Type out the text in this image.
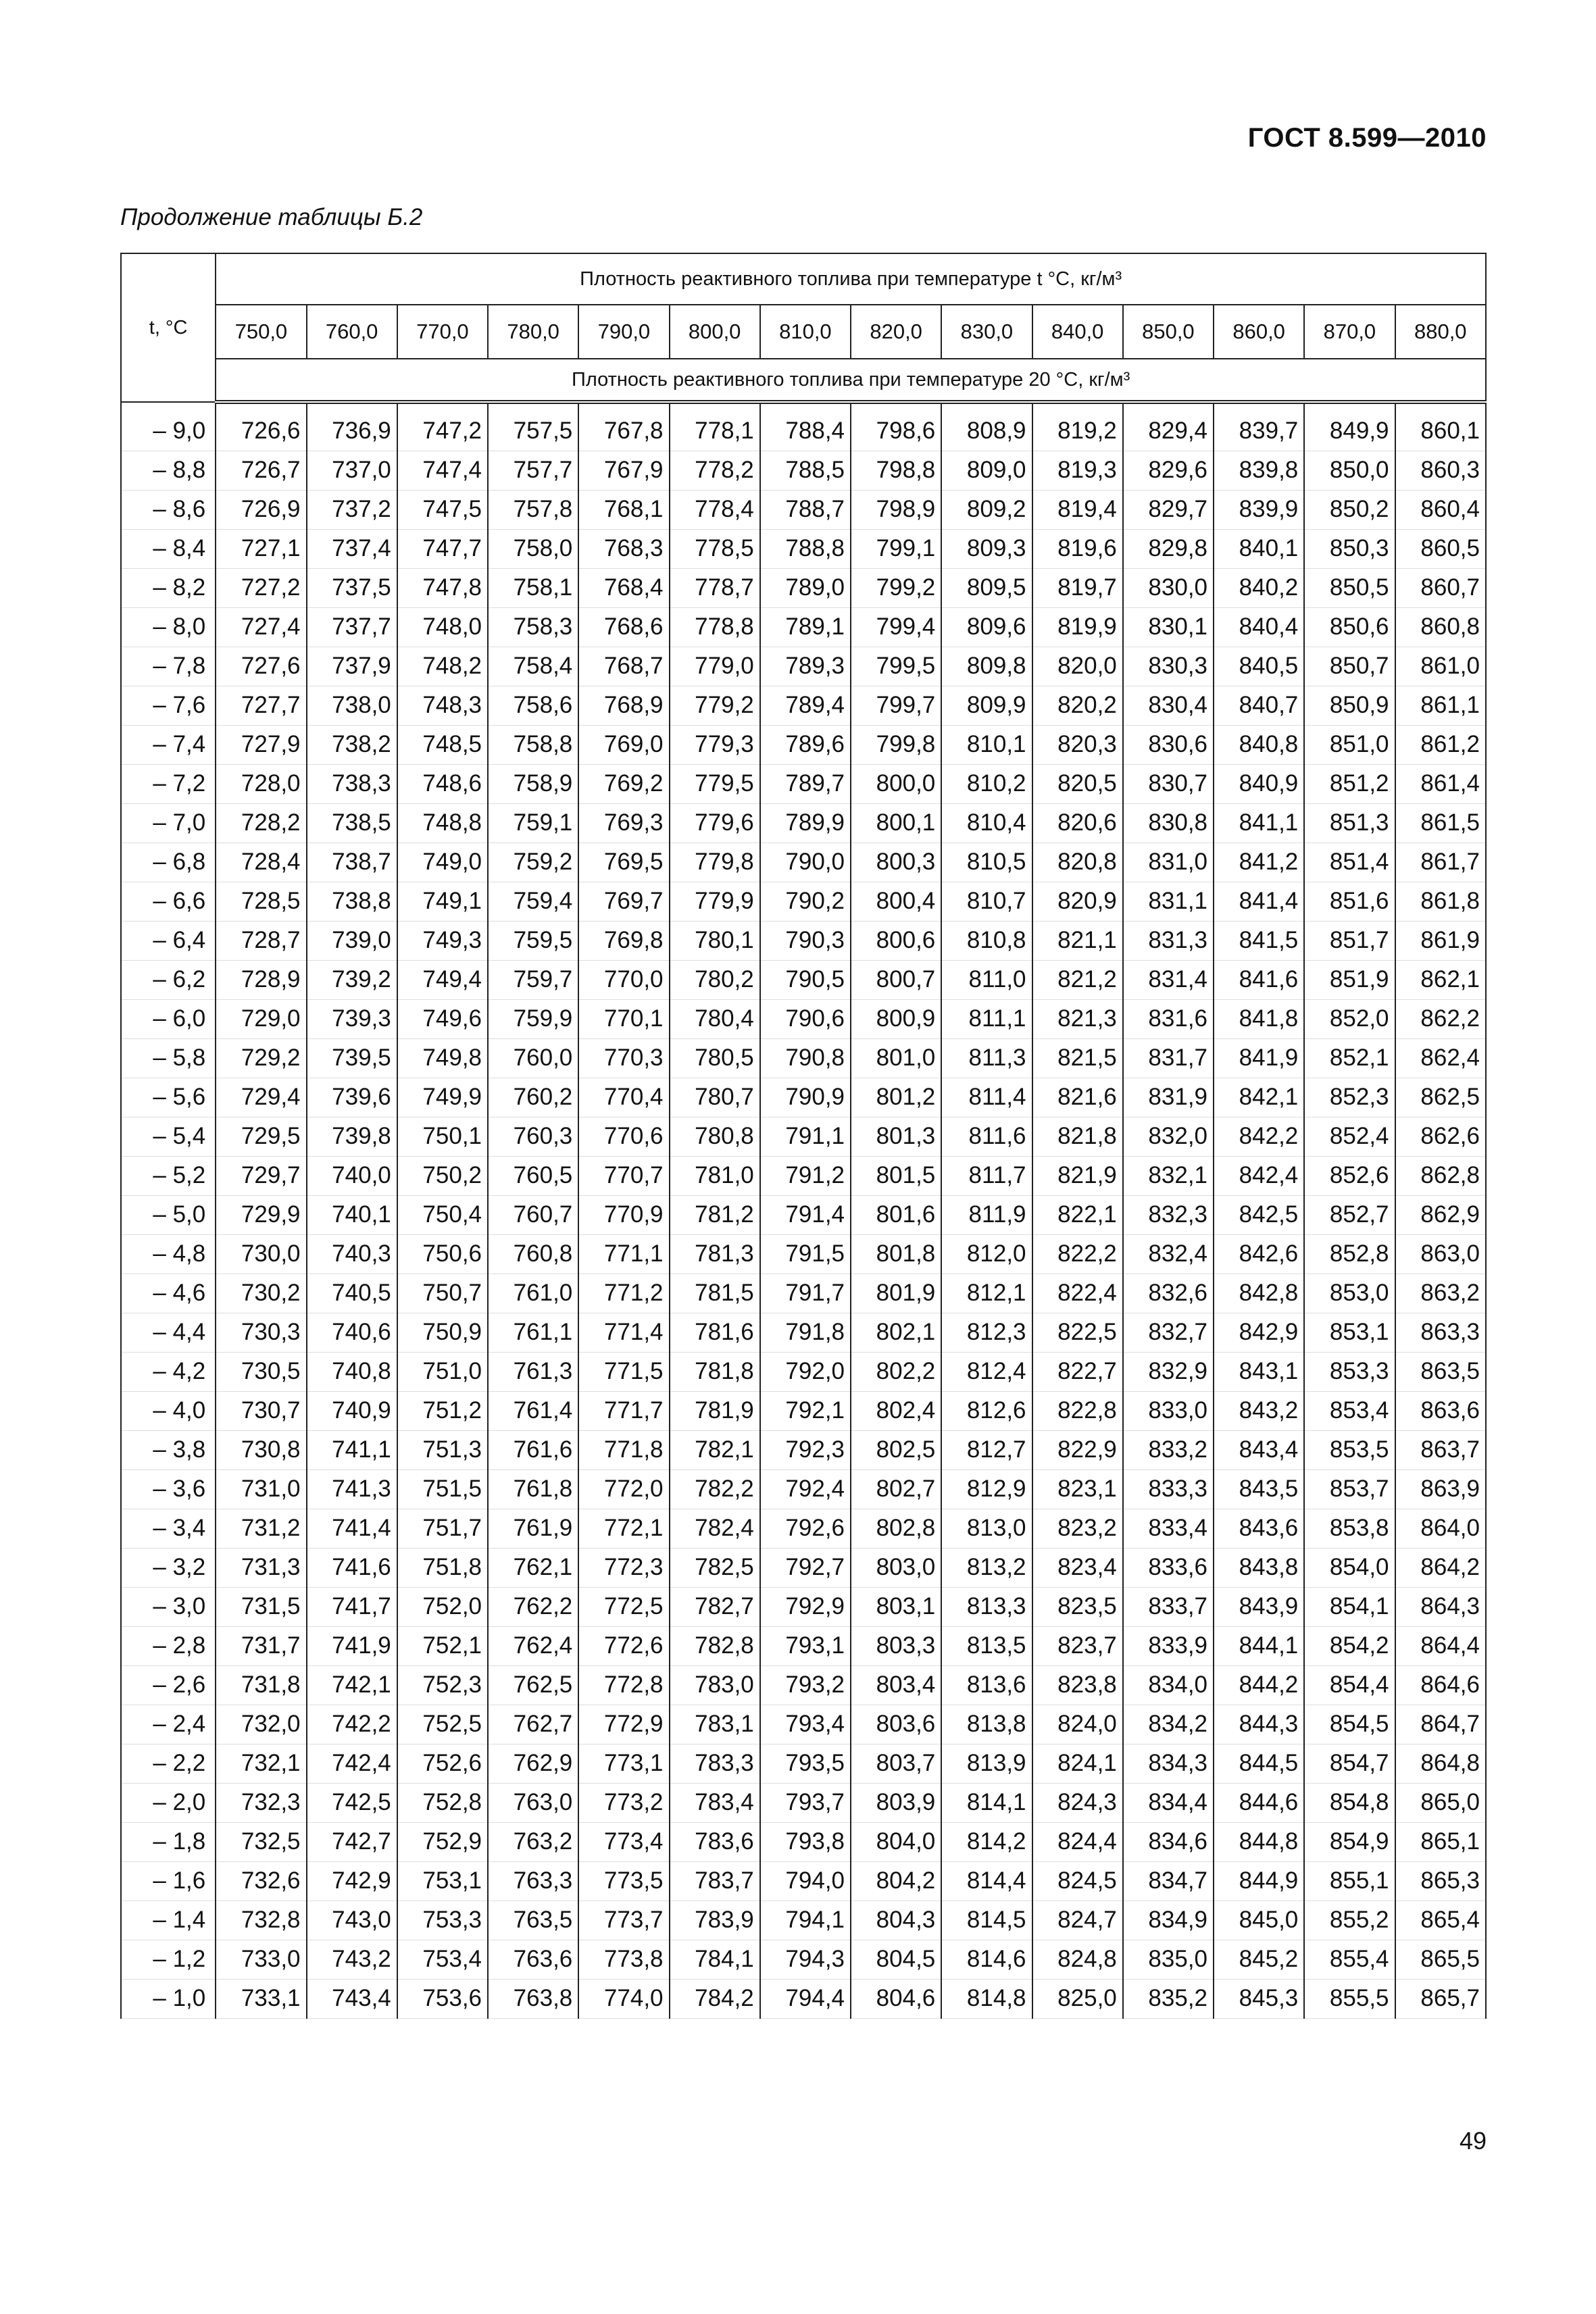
ГОСТ 8.599—2010
Продолжение таблицы Б.2
t, °C	Плотность реактивного топлива при температуре t °C, кг/м³													
	750,0	760,0	770,0	780,0	790,0	800,0	810,0	820,0	830,0	840,0	850,0	860,0	870,0	880,0
	Плотность реактивного топлива при температуре 20 °C, кг/м³													

– 9,0	726,6	736,9	747,2	757,5	767,8	778,1	788,4	798,6	808,9	819,2	829,4	839,7	849,9	860,1
– 8,8	726,7	737,0	747,4	757,7	767,9	778,2	788,5	798,8	809,0	819,3	829,6	839,8	850,0	860,3
– 8,6	726,9	737,2	747,5	757,8	768,1	778,4	788,7	798,9	809,2	819,4	829,7	839,9	850,2	860,4
– 8,4	727,1	737,4	747,7	758,0	768,3	778,5	788,8	799,1	809,3	819,6	829,8	840,1	850,3	860,5
– 8,2	727,2	737,5	747,8	758,1	768,4	778,7	789,0	799,2	809,5	819,7	830,0	840,2	850,5	860,7
– 8,0	727,4	737,7	748,0	758,3	768,6	778,8	789,1	799,4	809,6	819,9	830,1	840,4	850,6	860,8
– 7,8	727,6	737,9	748,2	758,4	768,7	779,0	789,3	799,5	809,8	820,0	830,3	840,5	850,7	861,0
– 7,6	727,7	738,0	748,3	758,6	768,9	779,2	789,4	799,7	809,9	820,2	830,4	840,7	850,9	861,1
– 7,4	727,9	738,2	748,5	758,8	769,0	779,3	789,6	799,8	810,1	820,3	830,6	840,8	851,0	861,2
– 7,2	728,0	738,3	748,6	758,9	769,2	779,5	789,7	800,0	810,2	820,5	830,7	840,9	851,2	861,4
– 7,0	728,2	738,5	748,8	759,1	769,3	779,6	789,9	800,1	810,4	820,6	830,8	841,1	851,3	861,5
– 6,8	728,4	738,7	749,0	759,2	769,5	779,8	790,0	800,3	810,5	820,8	831,0	841,2	851,4	861,7
– 6,6	728,5	738,8	749,1	759,4	769,7	779,9	790,2	800,4	810,7	820,9	831,1	841,4	851,6	861,8
– 6,4	728,7	739,0	749,3	759,5	769,8	780,1	790,3	800,6	810,8	821,1	831,3	841,5	851,7	861,9
– 6,2	728,9	739,2	749,4	759,7	770,0	780,2	790,5	800,7	811,0	821,2	831,4	841,6	851,9	862,1
– 6,0	729,0	739,3	749,6	759,9	770,1	780,4	790,6	800,9	811,1	821,3	831,6	841,8	852,0	862,2
– 5,8	729,2	739,5	749,8	760,0	770,3	780,5	790,8	801,0	811,3	821,5	831,7	841,9	852,1	862,4
– 5,6	729,4	739,6	749,9	760,2	770,4	780,7	790,9	801,2	811,4	821,6	831,9	842,1	852,3	862,5
– 5,4	729,5	739,8	750,1	760,3	770,6	780,8	791,1	801,3	811,6	821,8	832,0	842,2	852,4	862,6
– 5,2	729,7	740,0	750,2	760,5	770,7	781,0	791,2	801,5	811,7	821,9	832,1	842,4	852,6	862,8
– 5,0	729,9	740,1	750,4	760,7	770,9	781,2	791,4	801,6	811,9	822,1	832,3	842,5	852,7	862,9
– 4,8	730,0	740,3	750,6	760,8	771,1	781,3	791,5	801,8	812,0	822,2	832,4	842,6	852,8	863,0
– 4,6	730,2	740,5	750,7	761,0	771,2	781,5	791,7	801,9	812,1	822,4	832,6	842,8	853,0	863,2
– 4,4	730,3	740,6	750,9	761,1	771,4	781,6	791,8	802,1	812,3	822,5	832,7	842,9	853,1	863,3
– 4,2	730,5	740,8	751,0	761,3	771,5	781,8	792,0	802,2	812,4	822,7	832,9	843,1	853,3	863,5
– 4,0	730,7	740,9	751,2	761,4	771,7	781,9	792,1	802,4	812,6	822,8	833,0	843,2	853,4	863,6
– 3,8	730,8	741,1	751,3	761,6	771,8	782,1	792,3	802,5	812,7	822,9	833,2	843,4	853,5	863,7
– 3,6	731,0	741,3	751,5	761,8	772,0	782,2	792,4	802,7	812,9	823,1	833,3	843,5	853,7	863,9
– 3,4	731,2	741,4	751,7	761,9	772,1	782,4	792,6	802,8	813,0	823,2	833,4	843,6	853,8	864,0
– 3,2	731,3	741,6	751,8	762,1	772,3	782,5	792,7	803,0	813,2	823,4	833,6	843,8	854,0	864,2
– 3,0	731,5	741,7	752,0	762,2	772,5	782,7	792,9	803,1	813,3	823,5	833,7	843,9	854,1	864,3
– 2,8	731,7	741,9	752,1	762,4	772,6	782,8	793,1	803,3	813,5	823,7	833,9	844,1	854,2	864,4
– 2,6	731,8	742,1	752,3	762,5	772,8	783,0	793,2	803,4	813,6	823,8	834,0	844,2	854,4	864,6
– 2,4	732,0	742,2	752,5	762,7	772,9	783,1	793,4	803,6	813,8	824,0	834,2	844,3	854,5	864,7
– 2,2	732,1	742,4	752,6	762,9	773,1	783,3	793,5	803,7	813,9	824,1	834,3	844,5	854,7	864,8
– 2,0	732,3	742,5	752,8	763,0	773,2	783,4	793,7	803,9	814,1	824,3	834,4	844,6	854,8	865,0
– 1,8	732,5	742,7	752,9	763,2	773,4	783,6	793,8	804,0	814,2	824,4	834,6	844,8	854,9	865,1
– 1,6	732,6	742,9	753,1	763,3	773,5	783,7	794,0	804,2	814,4	824,5	834,7	844,9	855,1	865,3
– 1,4	732,8	743,0	753,3	763,5	773,7	783,9	794,1	804,3	814,5	824,7	834,9	845,0	855,2	865,4
– 1,2	733,0	743,2	753,4	763,6	773,8	784,1	794,3	804,5	814,6	824,8	835,0	845,2	855,4	865,5
– 1,0	733,1	743,4	753,6	763,8	774,0	784,2	794,4	804,6	814,8	825,0	835,2	845,3	855,5	865,7
49
